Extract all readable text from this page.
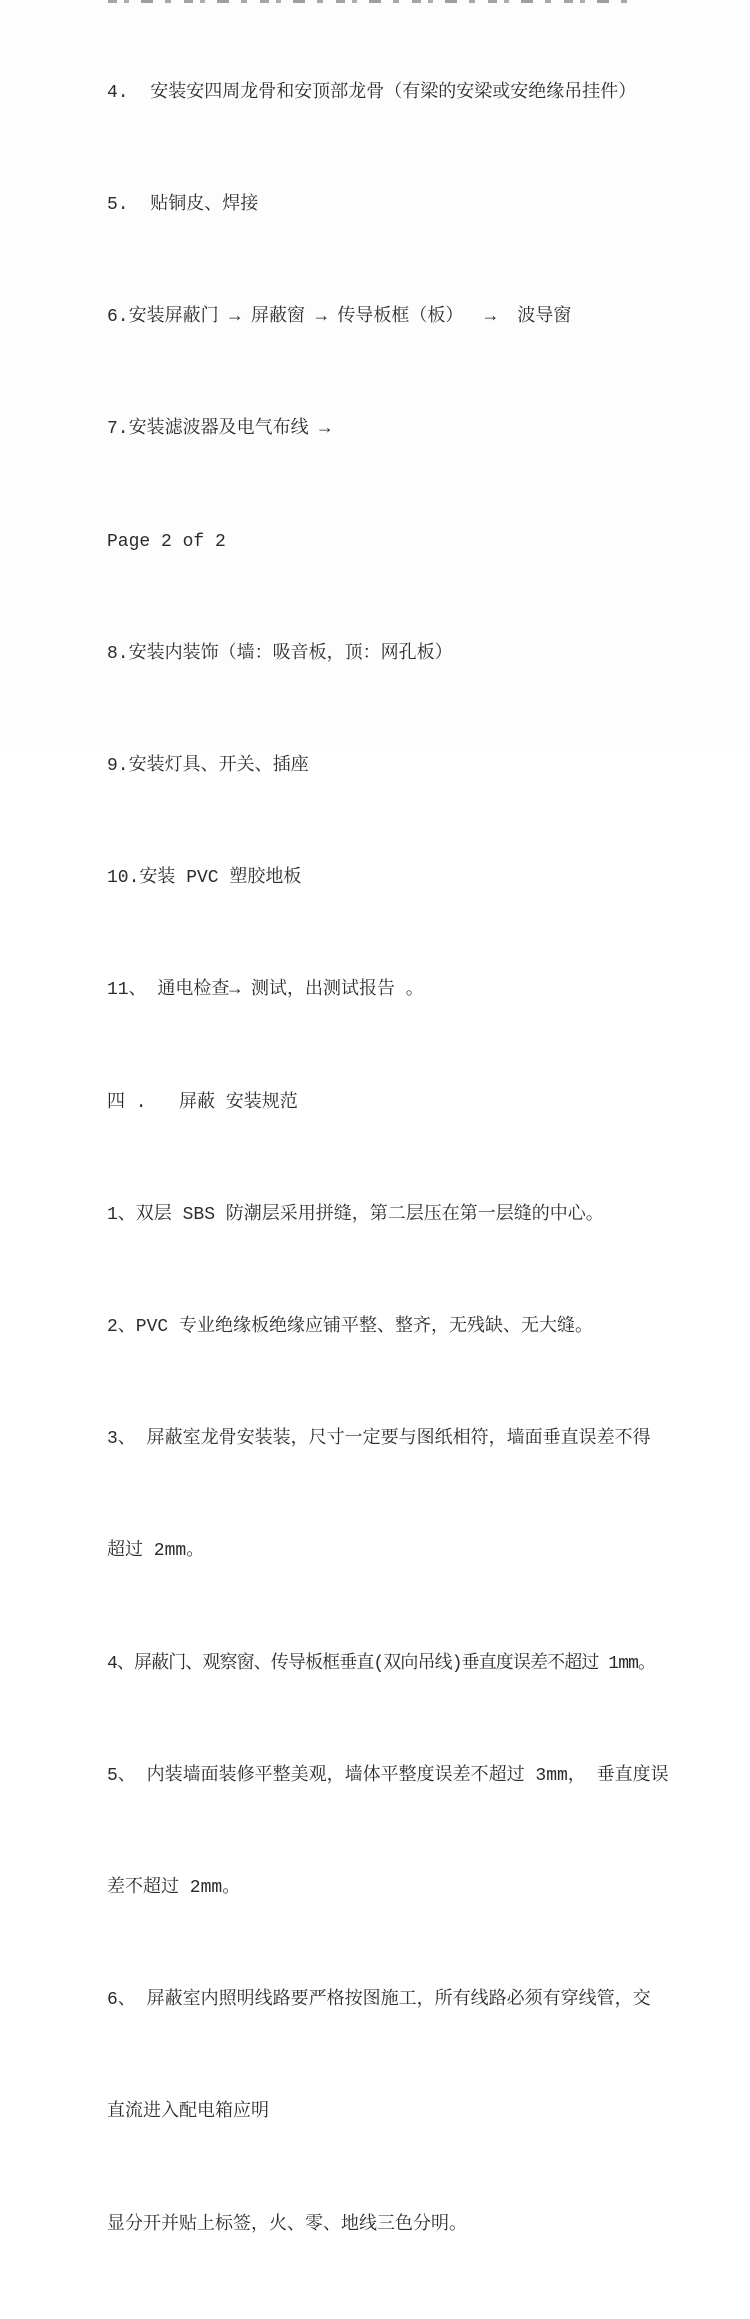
4.  安装安四周龙骨和安顶部龙骨（有梁的安梁或安绝缘吊挂件）

5.  贴铜皮、焊接

6.安装屏蔽门 → 屏蔽窗 → 传导板框（板）  →  波导窗

7.安装滤波器及电气布线 →

Page 2 of 2

8.安装内装饰（墙：吸音板，顶：网孔板）

9.安装灯具、开关、插座

10.安装 PVC 塑胶地板

11、 通电检查→ 测试，出测试报告 。

四 .   屏蔽 安装规范

1、双层 SBS 防潮层采用拼缝，第二层压在第一层缝的中心。

2、PVC 专业绝缘板绝缘应铺平整、整齐，无残缺、无大缝。

3、 屏蔽室龙骨安装装，尺寸一定要与图纸相符，墙面垂直误差不得

超过 2mm。

4、屏蔽门、观察窗、传导板框垂直(双向吊线)垂直度误差不超过 1mm。

5、 内装墙面装修平整美观，墙体平整度误差不超过 3mm， 垂直度误

差不超过 2mm。

6、 屏蔽室内照明线路要严格按图施工，所有线路必须有穿线管，交

直流进入配电箱应明

显分开并贴上标签，火、零、地线三色分明。
